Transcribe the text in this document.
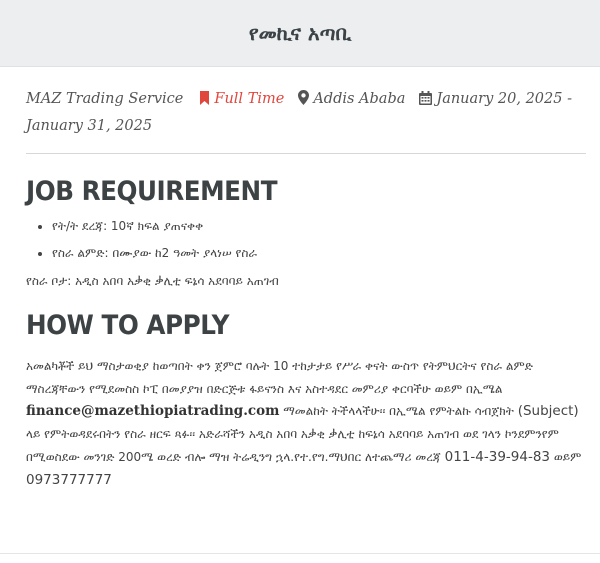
የመኪና አጣቢ
MAZ Trading Service Full Time Addis Ababa January 20, 2025 -
January 31, 2025
JOB REQUIREMENT
• የት/ት ደረጃ: 10ኛ ክፍል ያጠናቀቀ
• የስራ ልምድ: በሙያው ከ2 ዓመት ያላነሠ የስራ
የስራ ቦታ: አዲስ አበባ አቃቂ ቃሊቲ ፍኔሳ አደባባይ አጠገብ
HOW TO APPLY
አመልካቾች ይህ ማስታወቂያ ከወጣበት ቀን ጀምሮ ባሉት 10 ተከታታይ የሥራ ቀናት ውስጥ የትምህርትና የስራ ልምድ ማስረጃቸውን የሚደመስስ ኮፒ በመያያዝ በድርጅቱ ፋይናንስ እና አስተዳደር መምሪያ ቀርባችሁ ወይም በኢሜል finance@mazethiopiatrading.com ማመልከት ትችላላችሁ፡፡ በኢሜል የምትልኩ ሳብጀክት (Subject) ላይ የምትወዳደሩበትን የስራ ዘርፍ ጻፉ፡፡ አድራሻችን አዲስ አበባ አቃቂ ቃሊቲ ከፍኔሳ አደባባይ አጠገብ ወደ ገላን ኮንደምንየም በሚወስደው መንገድ 200ሜ ወረድ ብሎ ማዝ ትሬዲንግ ኋላ.የተ.የግ.ማህበር ለተጨማሪ መረጃ 011-4-39-94-83 ወይም 0973777777
